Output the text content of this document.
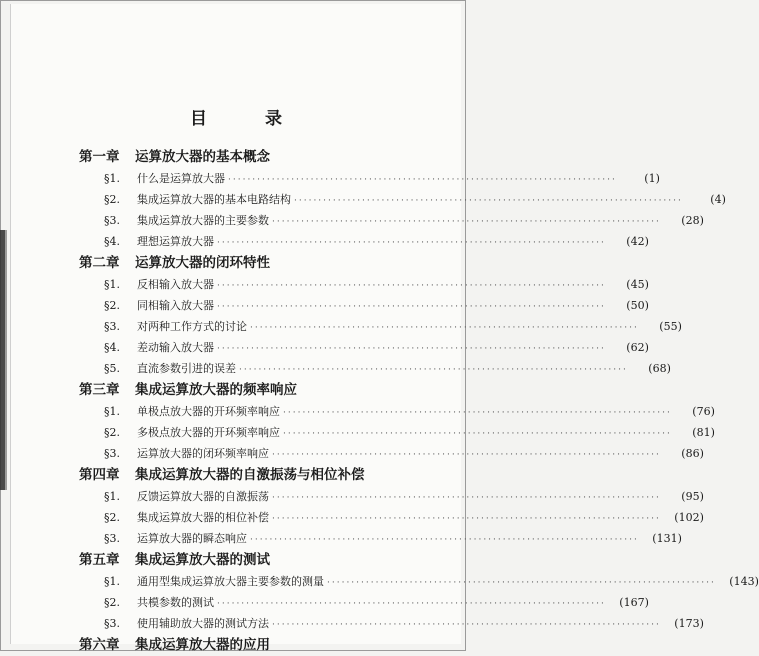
目 录
第一章 运算放大器的基本概念
§1.	什么是运算放大器 ················································································	(1)
§2.	集成运算放大器的基本电路结构 ················································································	(4)
§3.	集成运算放大器的主要参数 ················································································	(28)
§4.	理想运算放大器 ················································································	(42)
第二章 运算放大器的闭环特性
§1.	反相输入放大器 ················································································	(45)
§2.	同相输入放大器 ················································································	(50)
§3.	对两种工作方式的讨论 ················································································	(55)
§4.	差动输入放大器 ················································································	(62)
§5.	直流参数引进的误差 ················································································	(68)
第三章 集成运算放大器的频率响应
§1.	单极点放大器的开环频率响应 ················································································	(76)
§2.	多极点放大器的开环频率响应 ················································································	(81)
§3.	运算放大器的闭环频率响应 ················································································	(86)
第四章 集成运算放大器的自激振荡与相位补偿
§1.	反馈运算放大器的自激振荡 ················································································	(95)
§2.	集成运算放大器的相位补偿 ················································································	(102)
§3.	运算放大器的瞬态响应 ················································································	(131)
第五章 集成运算放大器的测试
§1.	通用型集成运算放大器主要参数的测量 ················································································	(143)
§2.	共模参数的测试 ················································································	(167)
§3.	使用辅助放大器的测试方法 ················································································	(173)
第六章 集成运算放大器的应用
